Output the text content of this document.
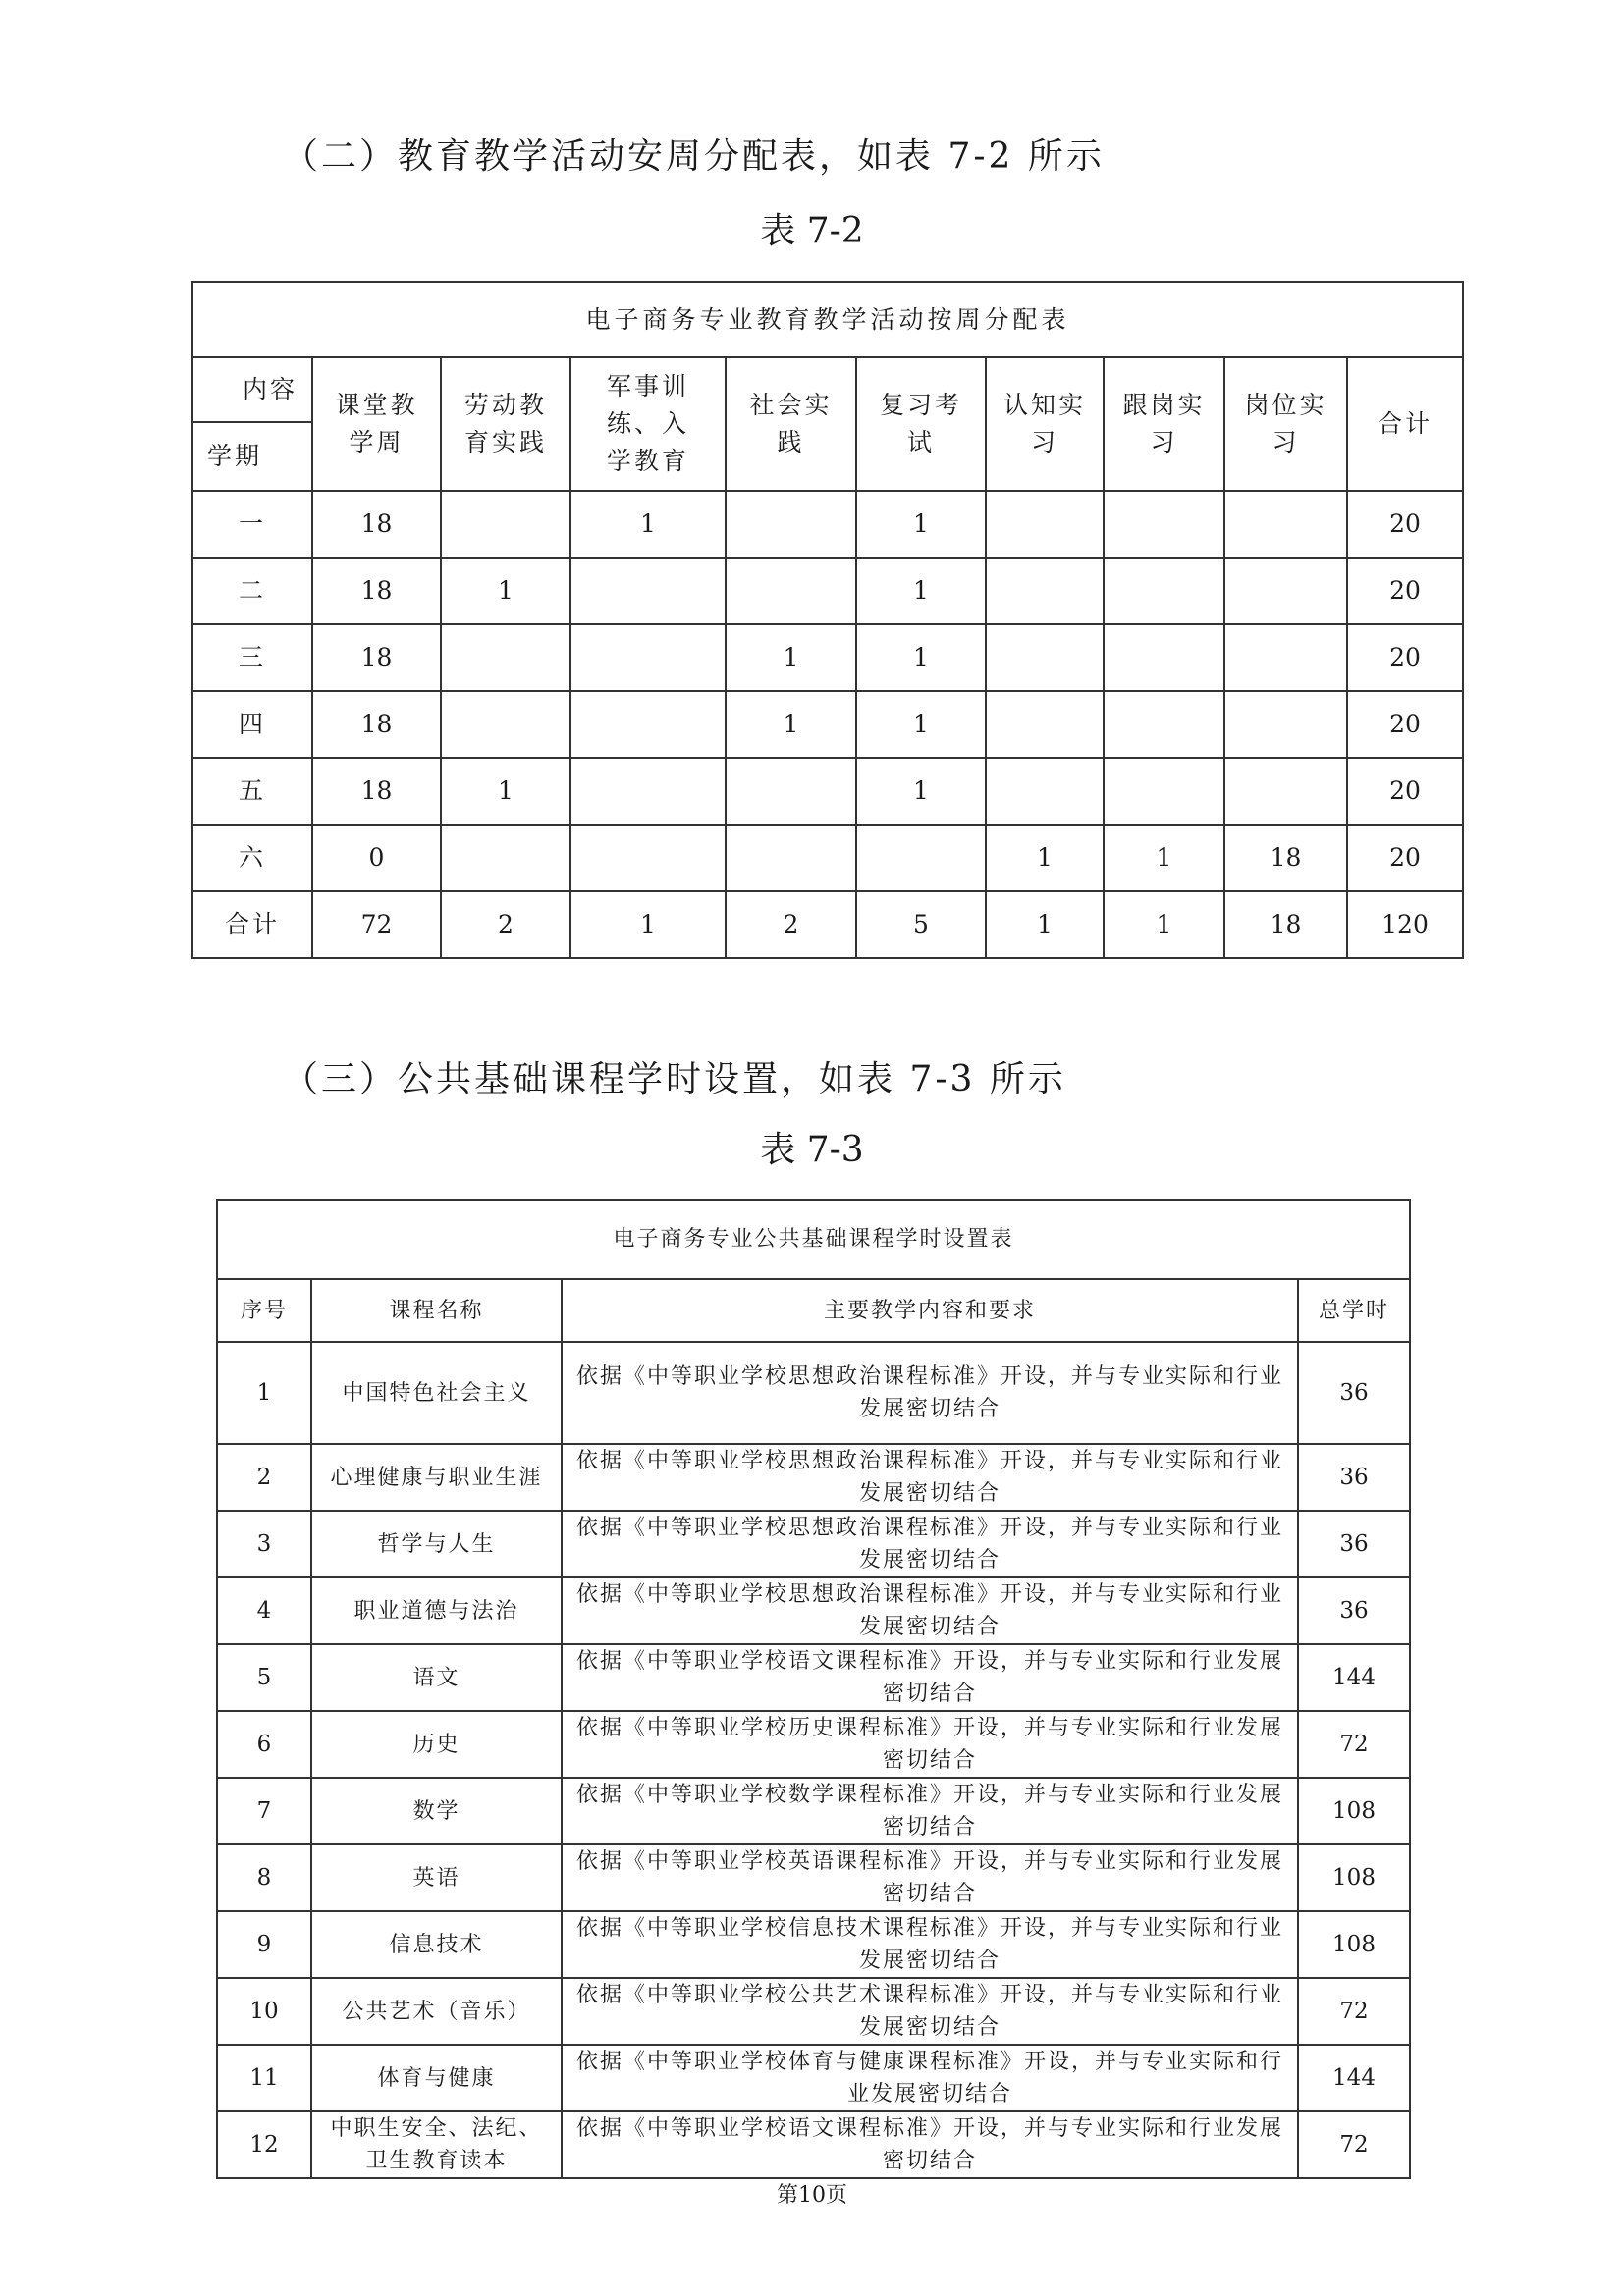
（二）教育教学活动安周分配表，如表 7-2 所示
表 7-2
电子商务专业教育教学活动按周分配表									

内容
学期	课堂教学周	劳动教育实践	军事训练、入学教育	社会实践	复习考试	认知实习	跟岗实习	岗位实习	合计

一	18		1		1				20
二	18	1			1				20
三	18			1	1				20
四	18			1	1				20
五	18	1			1				20
六	0					1	1	18	20
合计	72	2	1	2	5	1	1	18	120
（三）公共基础课程学时设置，如表 7-3 所示
表 7-3
电子商务专业公共基础课程学时设置表			
序号	课程名称	主要教学内容和要求	总学时
1	中国特色社会主义	依据《中等职业学校思想政治课程标准》开设，并与专业实际和行业发展密切结合	36
2	心理健康与职业生涯	依据《中等职业学校思想政治课程标准》开设，并与专业实际和行业发展密切结合	36
3	哲学与人生	依据《中等职业学校思想政治课程标准》开设，并与专业实际和行业发展密切结合	36
4	职业道德与法治	依据《中等职业学校思想政治课程标准》开设，并与专业实际和行业发展密切结合	36
5	语文	依据《中等职业学校语文课程标准》开设，并与专业实际和行业发展密切结合	144
6	历史	依据《中等职业学校历史课程标准》开设，并与专业实际和行业发展密切结合	72
7	数学	依据《中等职业学校数学课程标准》开设，并与专业实际和行业发展密切结合	108
8	英语	依据《中等职业学校英语课程标准》开设，并与专业实际和行业发展密切结合	108
9	信息技术	依据《中等职业学校信息技术课程标准》开设，并与专业实际和行业发展密切结合	108
10	公共艺术（音乐）	依据《中等职业学校公共艺术课程标准》开设，并与专业实际和行业发展密切结合	72
11	体育与健康	依据《中等职业学校体育与健康课程标准》开设，并与专业实际和行业发展密切结合	144
12	中职生安全、法纪、卫生教育读本	依据《中等职业学校语文课程标准》开设，并与专业实际和行业发展密切结合	72
第10页
